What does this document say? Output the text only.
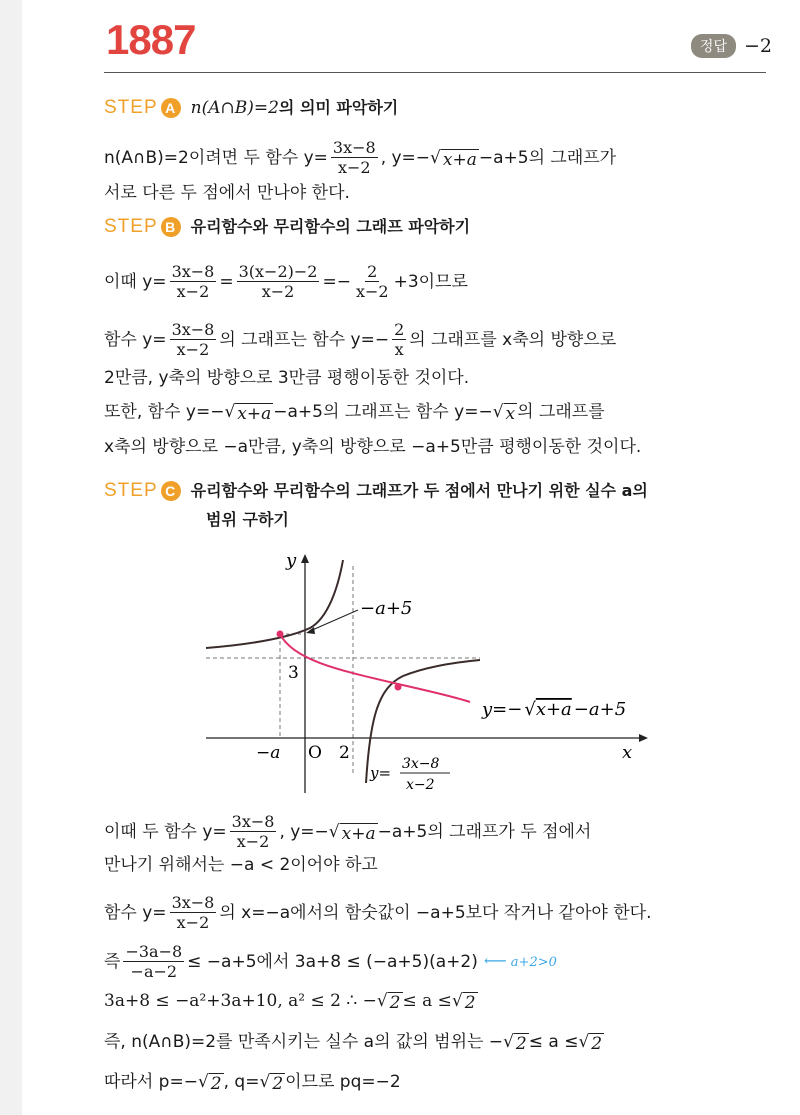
1887	정답 −2
STEP A n(A∩B)=2 의 의미 파악하기
n(A∩B)=2이려면 두 함수 $y= \frac{3x-8}{x-2}$ , y=− √ x+a −a+5의 그래프가
서로 다른 두 점에서 만나야 한다.
STEP B 유리함수와 무리함수의 그래프 파악하기
이때 $y= \frac{3x-8}{x-2} = \frac{3(x-2)-2}{x-2} =- \frac{2}{x-2} +3$이므로
함수 $y= \frac{3x-8}{x-2}$ 의 그래프는 함수 $y=- \frac{2}{x}$ 의 그래프를 x축의 방향으로
2만큼, y축의 방향으로 3만큼 평행이동한 것이다.
또한, 함수 y=− √ x+a −a+5의 그래프는 함수 y=− √ x 의 그래프를
x축의 방향으로 −a만큼, y축의 방향으로 −a+5만큼 평행이동한 것이다.
STEP C 유리함수와 무리함수의 그래프가 두 점에서 만나기 위한 실수 a의
범위 구하기
y
x
O
−a	2
3
−a+5
y=− √x+a −a+5
y= 3x−8
x−2
이때 두 함수 $y= \frac{3x-8}{x-2}$ , y=− √ x+a −a+5의 그래프가 두 점에서
만나기 위해서는 −a < 2이어야 하고
함수 $y= \frac{3x-8}{x-2}$ 의 x=−a에서의 함숫값이 −a+5보다 작거나 같아야 한다.
즉 $\frac{-3a-8}{-a-2} \le -a+5$에서 3a+8 ≤ (−a+5)(a+2) ⟵ a+2>0
3a+8 ≤ −a²+3a+10, a² ≤ 2 ∴ − √ 2 ≤ a ≤ √ 2
즉, n(A∩B)=2를 만족시키는 실수 a의 값의 범위는 − √ 2 ≤ a ≤ √ 2
따라서 p=− √ 2 , q= √ 2 이므로 pq=−2
